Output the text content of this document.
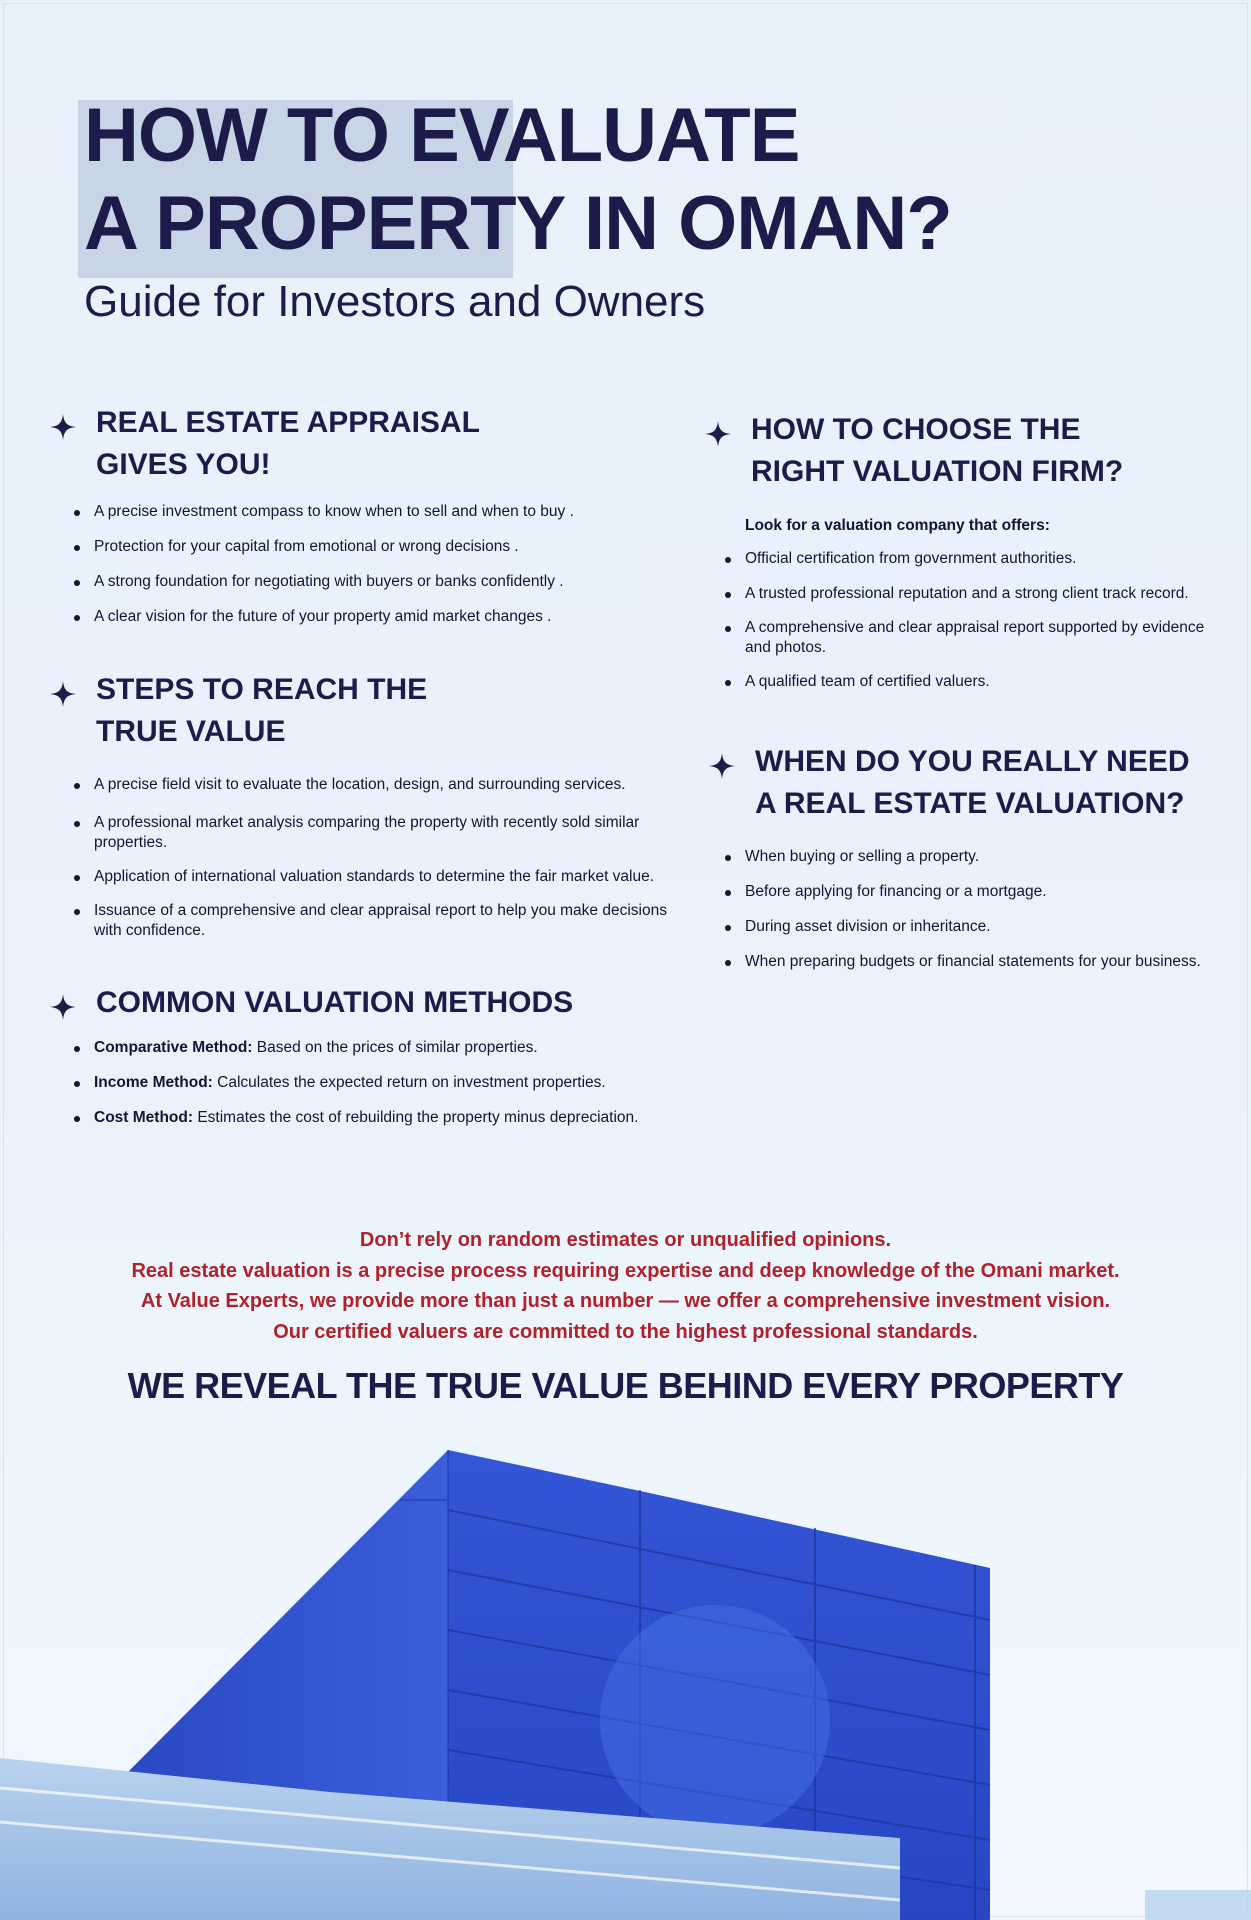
HOW TO EVALUATE
A PROPERTY IN OMAN?
Guide for Investors and Owners
REAL ESTATE APPRAISAL
GIVES YOU!
A precise investment compass to know when to sell and when to buy .
Protection for your capital from emotional or wrong decisions .
A strong foundation for negotiating with buyers or banks confidently .
A clear vision for the future of your property amid market changes .
STEPS TO REACH THE
TRUE VALUE
A precise field visit to evaluate the location, design, and surrounding services.
A professional market analysis comparing the property with recently sold similar properties.
Application of international valuation standards to determine the fair market value.
Issuance of a comprehensive and clear appraisal report to help you make decisions with confidence.
COMMON VALUATION METHODS
Comparative Method: Based on the prices of similar properties.
Income Method: Calculates the expected return on investment properties.
Cost Method: Estimates the cost of rebuilding the property minus depreciation.
HOW TO CHOOSE THE
RIGHT VALUATION FIRM?

Look for a valuation company that offers:

Official certification from government authorities.
A trusted professional reputation and a strong client track record.
A comprehensive and clear appraisal report supported by evidence and photos.
A qualified team of certified valuers.
WHEN DO YOU REALLY NEED
A REAL ESTATE VALUATION?
When buying or selling a property.
Before applying for financing or a mortgage.
During asset division or inheritance.
When preparing budgets or financial statements for your business.

Don’t rely on random estimates or unqualified opinions.

Real estate valuation is a precise process requiring expertise and deep knowledge of the Omani market.

At Value Experts, we provide more than just a number — we offer a comprehensive investment vision.

Our certified valuers are committed to the highest professional standards.

WE REVEAL THE TRUE VALUE BEHIND EVERY PROPERTY
